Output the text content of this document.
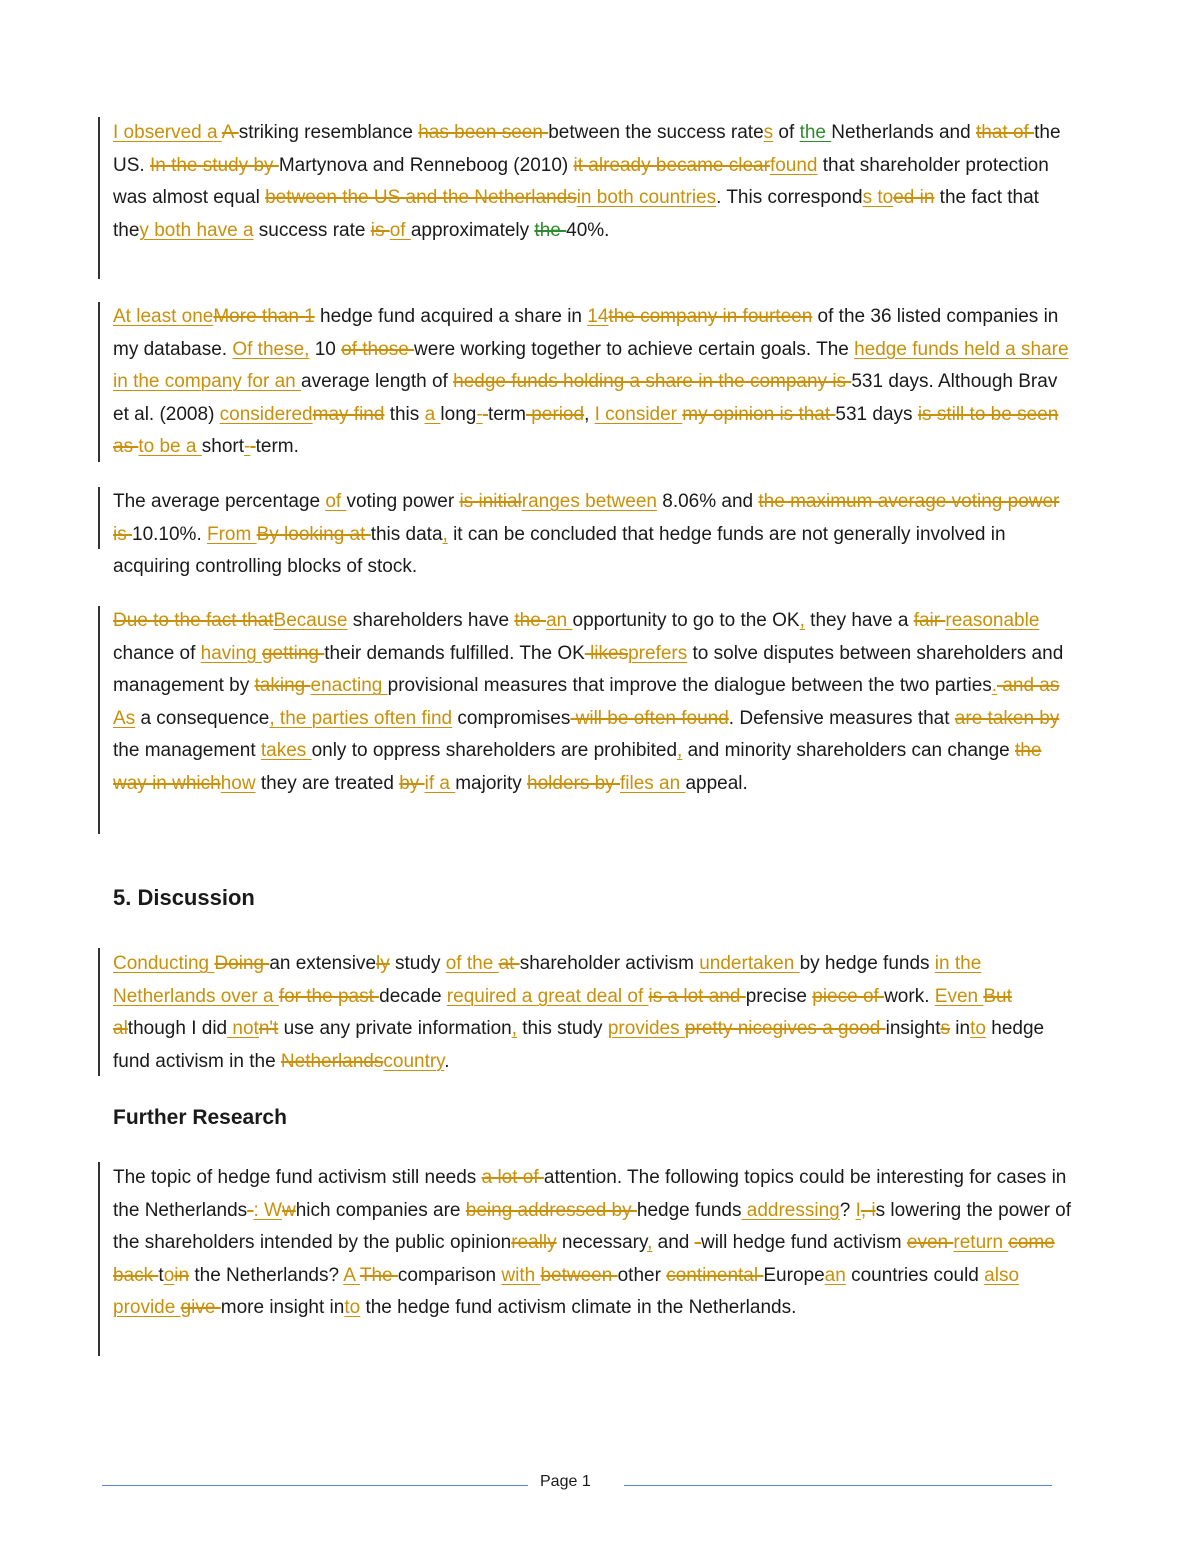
I observed a A striking resemblance has been seen between the success rates of the Netherlands and that of the US. In the study by Martynova and Renneboog (2010) it already became clearfound that shareholder protection was almost equal between the US and the Netherlandsin both countries. This corresponds toed in the fact that they both have a success rate is of approximately the 40%.

At least oneMore than 1 hedge fund acquired a share in 14the company in fourteen of the 36 listed companies in my database. Of these, 10 of those were working together to achieve certain goals. The hedge funds held a share in the company for an average length of hedge funds holding a share in the company is 531 days. Although Brav et al. (2008) consideredmay find this a long- term period, I consider my opinion is that 531 days is still to be seen as to be a short- term.

The average percentage of voting power is initialranges between 8.06% and the maximum average voting power is 10.10%. From By looking at this data, it can be concluded that hedge funds are not generally involved in acquiring controlling blocks of stock.

Due to the fact thatBecause shareholders have the an opportunity to go to the OK, they have a fair reasonable chance of having getting their demands fulfilled. The OK likesprefers to solve disputes between shareholders and management by taking enacting provisional measures that improve the dialogue between the two parties. and as As a consequence, the parties often find compromises will be often found. Defensive measures that are taken by the management takes only to oppress shareholders are prohibited, and minority shareholders can change the way in whichhow they are treated by if a majority holders by files an appeal.

5. Discussion

Conducting Doing an extensively study of the at shareholder activism undertaken by hedge funds in the Netherlands over a for the past decade required a great deal of is a lot and precise piece of work. Even But although I did notn't use any private information, this study provides pretty nicegives a good insights into hedge fund activism in the Netherlandscountry.

Further Research

The topic of hedge fund activism still needs a lot of attention. The following topics could be interesting for cases in the Netherlands-: Wwhich companies are being addressed by hedge funds addressing? I, is lowering the power of the shareholders intended by the public opinionreally necessary, and -will hedge fund activism even return come back toin the Netherlands? A The comparison with between other continental European countries could also provide give more insight into the hedge fund activism climate in the Netherlands.

Page 1
